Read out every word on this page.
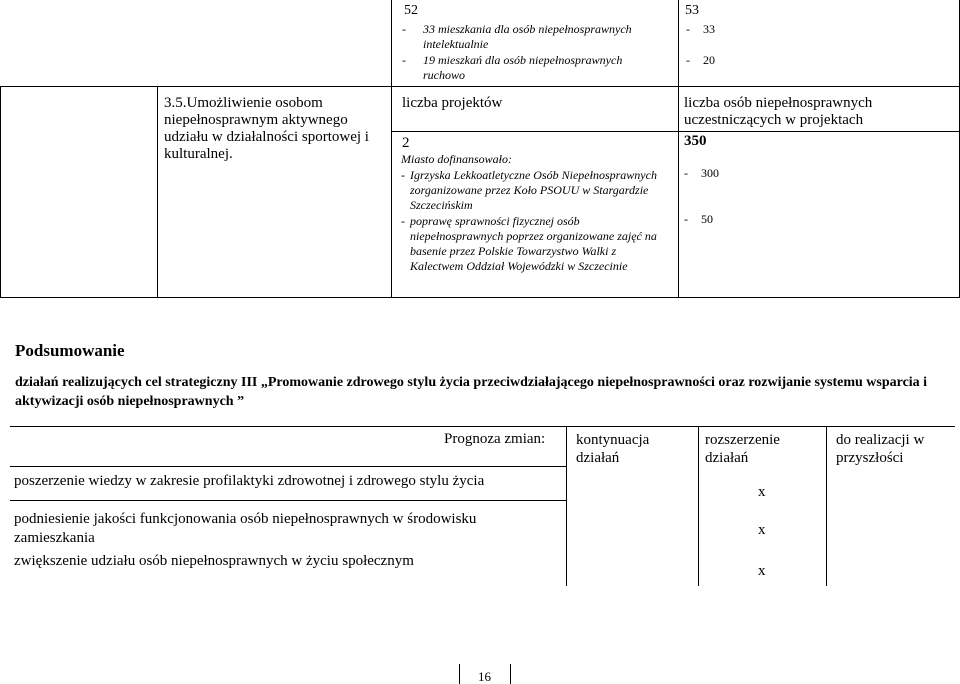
3.5.Umożliwienie osobom niepełnosprawnym aktywnego udziału w działalności sportowej i kulturalnej.
52
- 33 mieszkania dla osób niepełnosprawnych intelektualnie
- 19 mieszkań dla osób niepełnosprawnych ruchowo
liczba projektów
2
Miasto dofinansowało:
- Igrzyska Lekkoatletyczne Osób Niepełnosprawnych zorganizowane przez Koło PSOUU w Stargardzie Szczecińskim
- poprawę sprawności fizycznej osób niepełnosprawnych poprzez organizowane zajęć na basenie przez Polskie Towarzystwo Walki z Kalectwem Oddział Wojewódzki w Szczecinie
53
- 33
- 20
liczba osób niepełnosprawnych uczestniczących w projektach
350
- 300
- 50
Podsumowanie
działań realizujących cel strategiczny III „Promowanie zdrowego stylu życia przeciwdziałającego niepełnosprawności oraz rozwijanie systemu wsparcia i aktywizacji osób niepełnosprawnych ”
Prognoza zmian: kontynuacja działań
rozszerzenie działań
do realizacji w przyszłości
poszerzenie wiedzy w zakresie profilaktyki zdrowotnej i zdrowego stylu życia
x
podniesienie jakości funkcjonowania osób niepełnosprawnych w środowisku zamieszkania	x
zwiększenie udziału osób niepełnosprawnych w życiu społecznym
x
16
